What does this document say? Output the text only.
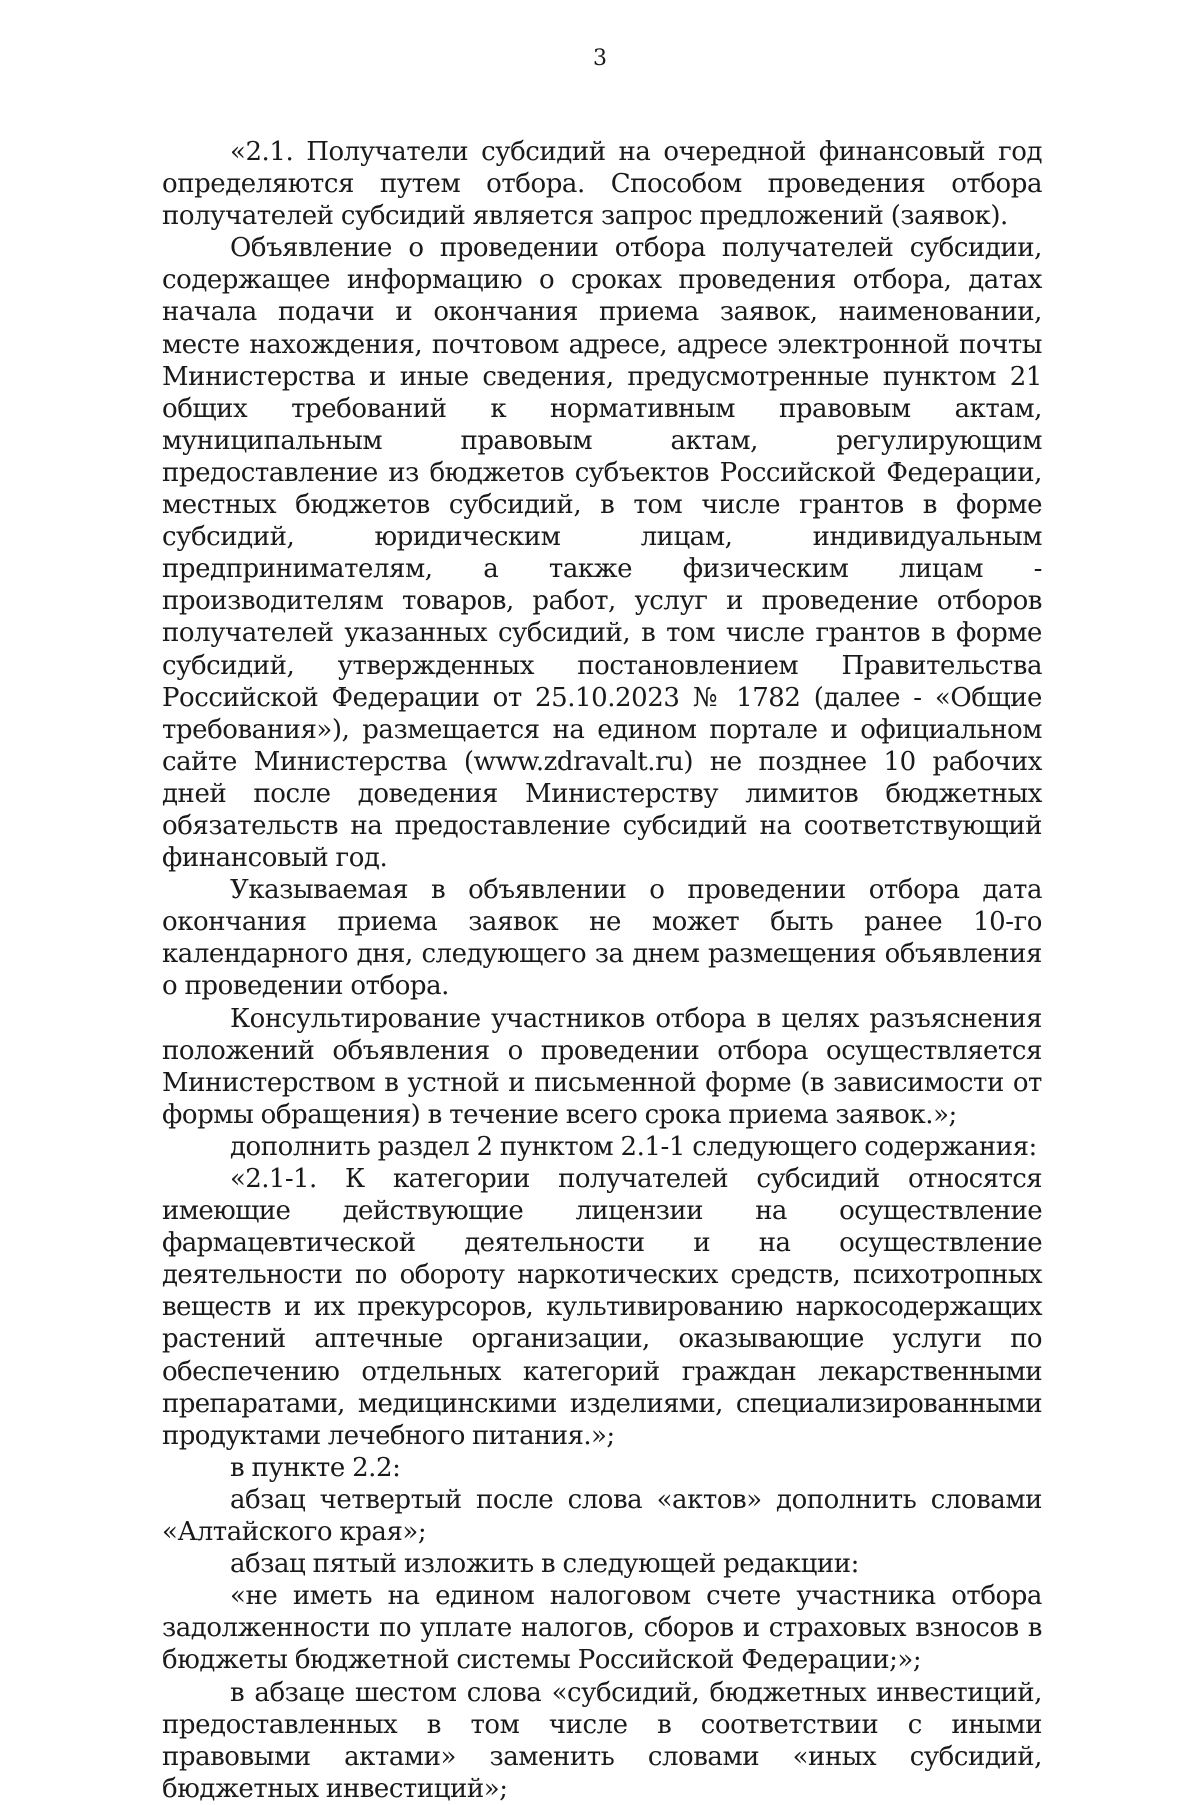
3

«2.1. Получатели субсидий на очередной финансовый год определяются путем отбора. Способом проведения отбора получателей субсидий является запрос предложений (заявок).

Объявление о проведении отбора получателей субсидии, содержащее информацию о сроках проведения отбора, датах начала подачи и окончания приема заявок, наименовании, месте нахождения, почтовом адресе, адресе электронной почты Министерства и иные сведения, предусмотренные пунктом 21 общих требований к нормативным правовым актам, муниципальным правовым актам, регулирующим предоставление из бюджетов субъектов Российской Федерации, местных бюджетов субсидий, в том числе грантов в форме субсидий, юридическим лицам, индивидуальным предпринимателям, а также физическим лицам - производителям товаров, работ, услуг и проведение отборов получателей указанных субсидий, в том числе грантов в форме субсидий, утвержденных постановлением Правительства Российской Федерации от 25.10.2023 № 1782 (далее - «Общие требования»), размещается на едином портале и официальном сайте Министерства (www.zdravalt.ru) не позднее 10 рабочих дней после доведения Министерству лимитов бюджетных обязательств на предоставление субсидий на соответствующий финансовый год.

Указываемая в объявлении о проведении отбора дата окончания приема заявок не может быть ранее 10-го календарного дня, следующего за днем размещения объявления о проведении отбора.

Консультирование участников отбора в целях разъяснения положений объявления о проведении отбора осуществляется Министерством в устной и письменной форме (в зависимости от формы обращения) в течение всего срока приема заявок.»;

дополнить раздел 2 пунктом 2.1-1 следующего содержания:

«2.1-1. К категории получателей субсидий относятся имеющие действующие лицензии на осуществление фармацевтической деятельности и на осуществление деятельности по обороту наркотических средств, психотропных веществ и их прекурсоров, культивированию наркосодержащих растений аптечные организации, оказывающие услуги по обеспечению отдельных категорий граждан лекарственными препаратами, медицинскими изделиями, специализированными продуктами лечебного питания.»;

в пункте 2.2:

абзац четвертый после слова «актов» дополнить словами «Алтайского края»;

абзац пятый изложить в следующей редакции:

«не иметь на едином налоговом счете участника отбора задолженности по уплате налогов, сборов и страховых взносов в бюджеты бюджетной системы Российской Федерации;»;

в абзаце шестом слова «субсидий, бюджетных инвестиций, предоставленных в том числе в соответствии с иными правовыми актами» заменить словами «иных субсидий, бюджетных инвестиций»;
